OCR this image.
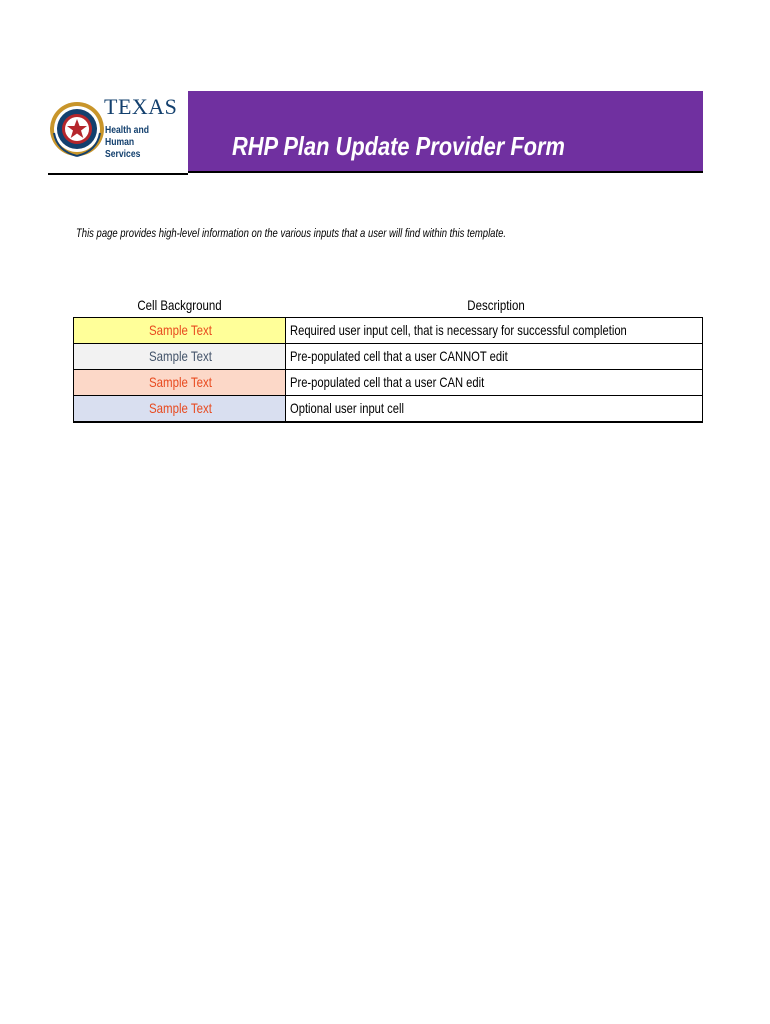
TEXAS
Health and Human
Services	RHP Plan Update Provider Form
This page provides high-level information on the various inputs that a user will find within this template.
Cell Background	Description
Sample Text	Required user input cell, that is necessary for successful completion
Sample Text	Pre-populated cell that a user CANNOT edit
Sample Text	Pre-populated cell that a user CAN edit
Sample Text	Optional user input cell
